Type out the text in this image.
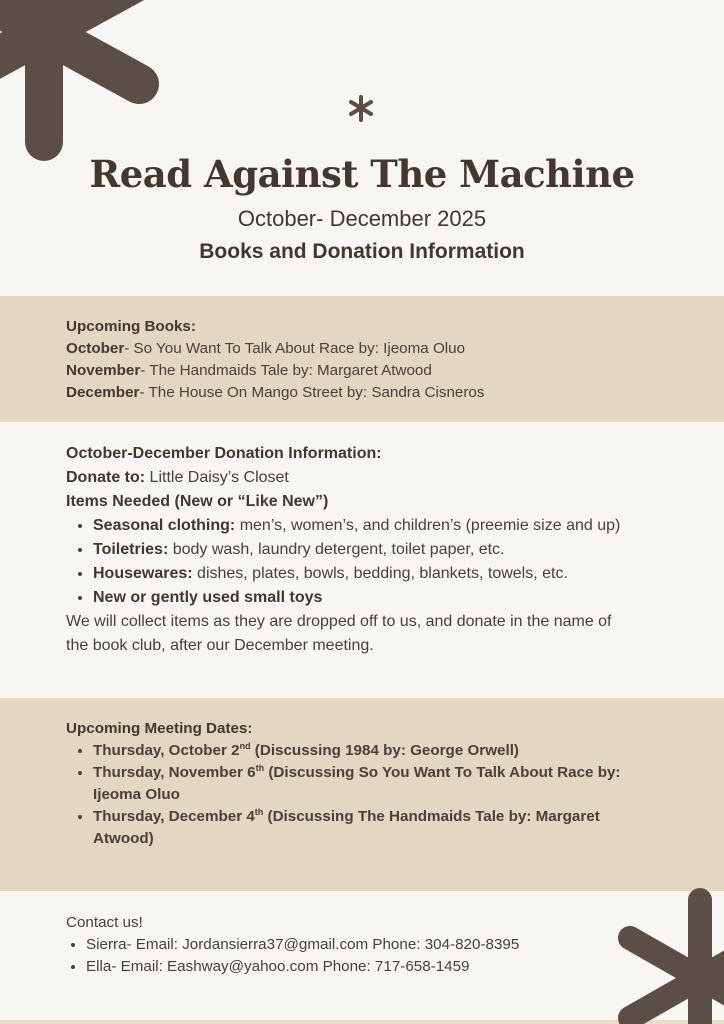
Read Against The Machine
October- December 2025
Books and Donation Information
Upcoming Books:
October- So You Want To Talk About Race by: Ijeoma Oluo
November- The Handmaids Tale by: Margaret Atwood
December- The House On Mango Street by: Sandra Cisneros
October-December Donation Information:
Donate to: Little Daisy’s Closet
Items Needed (New or “Like New”)
• Seasonal clothing: men’s, women’s, and children’s (preemie size and up)
• Toiletries: body wash, laundry detergent, toilet paper, etc.
• Housewares: dishes, plates, bowls, bedding, blankets, towels, etc.
• New or gently used small toys
We will collect items as they are dropped off to us, and donate in the name of the book club, after our December meeting.
Upcoming Meeting Dates:
• Thursday, October 2nd (Discussing 1984 by: George Orwell)
• Thursday, November 6th (Discussing So You Want To Talk About Race by: Ijeoma Oluo
• Thursday, December 4th (Discussing The Handmaids Tale by: Margaret Atwood)
Contact us!
• Sierra- Email: Jordansierra37@gmail.com Phone: 304-820-8395
• Ella- Email: Eashway@yahoo.com Phone: 717-658-1459
